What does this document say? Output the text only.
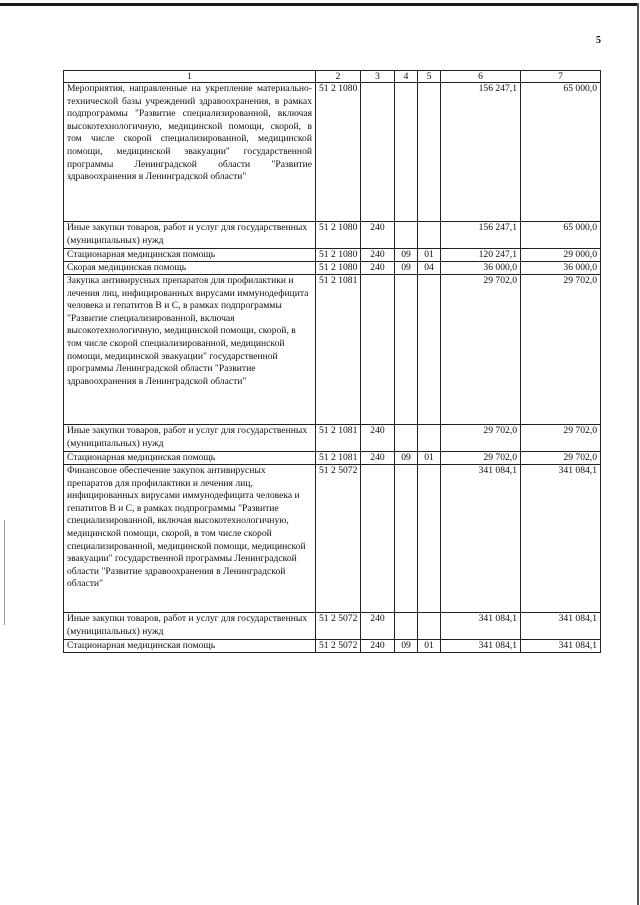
5
1	2	3	4	5	6	7
Мероприятия, направленные на укрепление материально-технической базы учреждений здравоохранения, в рамках подпрограммы "Развитие специализированной, включая высокотехнологичную, медицинской помощи, скорой, в том числе скорой специализированной, медицинской помощи, медицинской эвакуации" государственной программы Ленинградской области "Развитие здравоохранения в Ленинградской области"	51 2 1080				156 247,1	65 000,0
Иные закупки товаров, работ и услуг для государственных (муниципальных) нужд	51 2 1080	240			156 247,1	65 000,0
Стационарная медицинская помощь	51 2 1080	240	09	01	120 247,1	29 000,0
Скорая медицинская помощь	51 2 1080	240	09	04	36 000,0	36 000,0
Закупка антивирусных препаратов для профилактики и лечения лиц, инфицированных вирусами иммунодефицита человека и гепатитов В и С, в рамках подпрограммы "Развитие специализированной, включая высокотехнологичную, медицинской помощи, скорой, в том числе скорой специализированной, медицинской помощи, медицинской эвакуации" государственной программы Ленинградской области "Развитие здравоохранения в Ленинградской области"	51 2 1081				29 702,0	29 702,0
Иные закупки товаров, работ и услуг для государственных (муниципальных) нужд	51 2 1081	240			29 702,0	29 702,0
Стационарная медицинская помощь	51 2 1081	240	09	01	29 702,0	29 702,0
Финансовое обеспечение закупок антивирусных препаратов для профилактики и лечения лиц, инфицированных вирусами иммунодефицита человека и гепатитов В и С, в рамках подпрограммы "Развитие специализированной, включая высокотехнологичную, медицинской помощи, скорой, в том числе скорой специализированной, медицинской помощи, медицинской эвакуации" государственной программы Ленинградской области "Развитие здравоохранения в Ленинградской области"	51 2 5072				341 084,1	341 084,1
Иные закупки товаров, работ и услуг для государственных (муниципальных) нужд	51 2 5072	240			341 084,1	341 084,1
Стационарная медицинская помощь	51 2 5072	240	09	01	341 084,1	341 084,1
